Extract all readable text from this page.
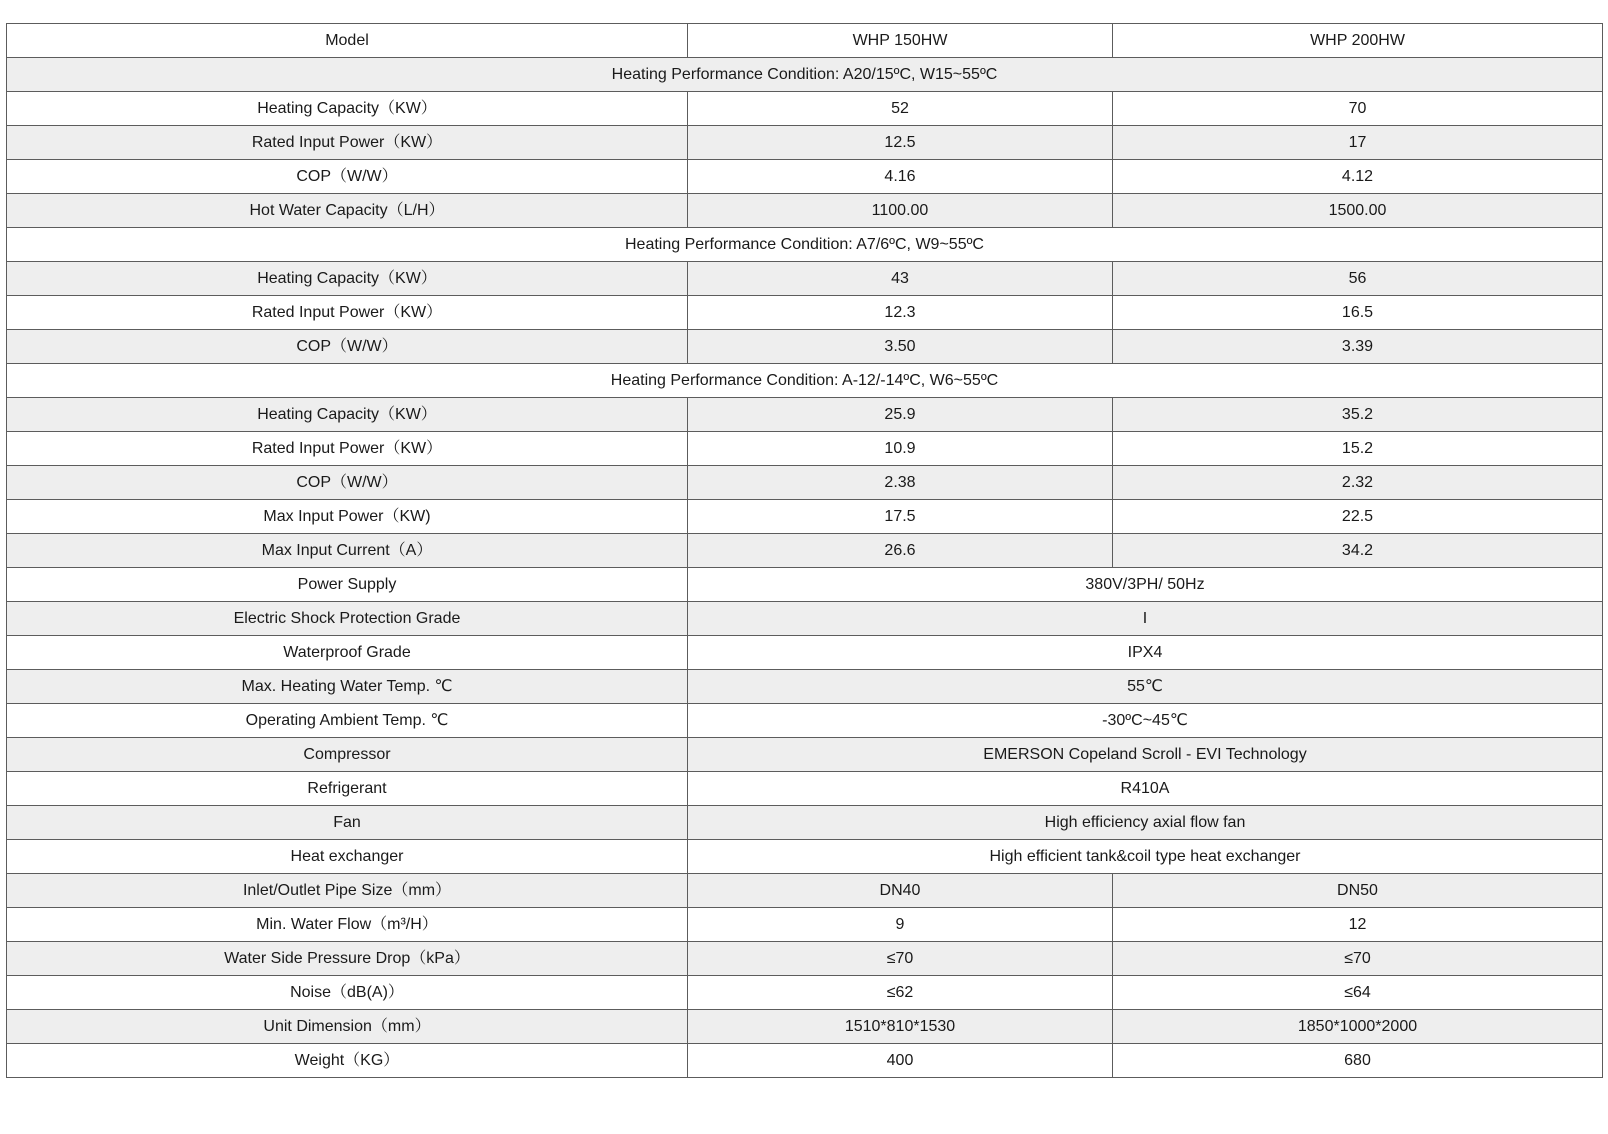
Model	WHP 150HW	WHP 200HW
Heating Performance Condition: A20/15ºC, W15~55ºC		
Heating Capacity（KW）	52	70
Rated Input Power（KW）	12.5	17
COP（W/W）	4.16	4.12
Hot Water Capacity（L/H）	1100.00	1500.00
Heating Performance Condition: A7/6ºC, W9~55ºC		
Heating Capacity（KW）	43	56
Rated Input Power（KW）	12.3	16.5
COP（W/W）	3.50	3.39
Heating Performance Condition: A-12/-14ºC, W6~55ºC		
Heating Capacity（KW）	25.9	35.2
Rated Input Power（KW）	10.9	15.2
COP（W/W）	2.38	2.32
Max Input Power（KW)	17.5	22.5
Max Input Current（A）	26.6	34.2
Power Supply	380V/3PH/ 50Hz	
Electric Shock Protection Grade	I	
Waterproof Grade	IPX4	
Max. Heating Water Temp. ℃	55℃	
Operating Ambient Temp. ℃	-30ºC~45℃	
Compressor	EMERSON Copeland Scroll - EVI Technology	
Refrigerant	R410A	
Fan	High efficiency axial flow fan	
Heat exchanger	High efficient tank&coil type heat exchanger	
Inlet/Outlet Pipe Size（mm）	DN40	DN50
Min. Water Flow（m³/H）	9	12
Water Side Pressure Drop（kPa）	≤70	≤70
Noise（dB(A)）	≤62	≤64
Unit Dimension（mm）	1510*810*1530	1850*1000*2000
Weight（KG）	400	680
